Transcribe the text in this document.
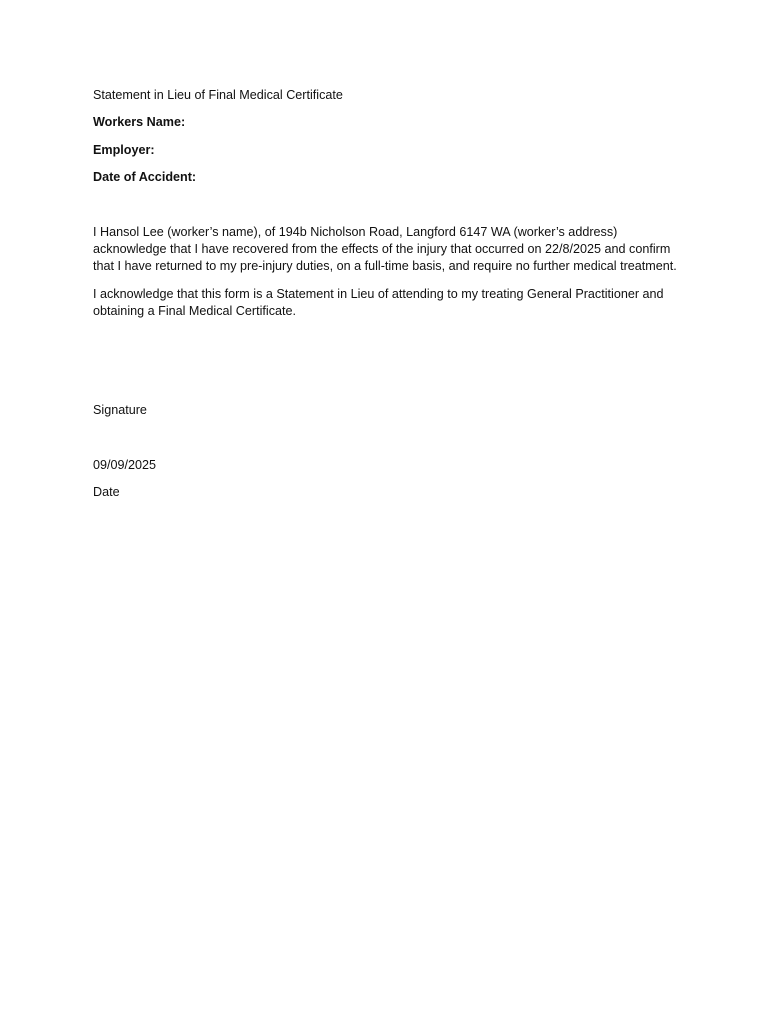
Statement in Lieu of Final Medical Certificate

Workers Name:

Employer:

Date of Accident:

I Hansol Lee (worker’s name), of 194b Nicholson Road, Langford 6147 WA (worker’s address) acknowledge that I have recovered from the effects of the injury that occurred on 22/8/2025 and confirm that I have returned to my pre-injury duties, on a full-time basis, and require no further medical treatment.

I acknowledge that this form is a Statement in Lieu of attending to my treating General Practitioner and obtaining a Final Medical Certificate.

Signature

09/09/2025

Date
